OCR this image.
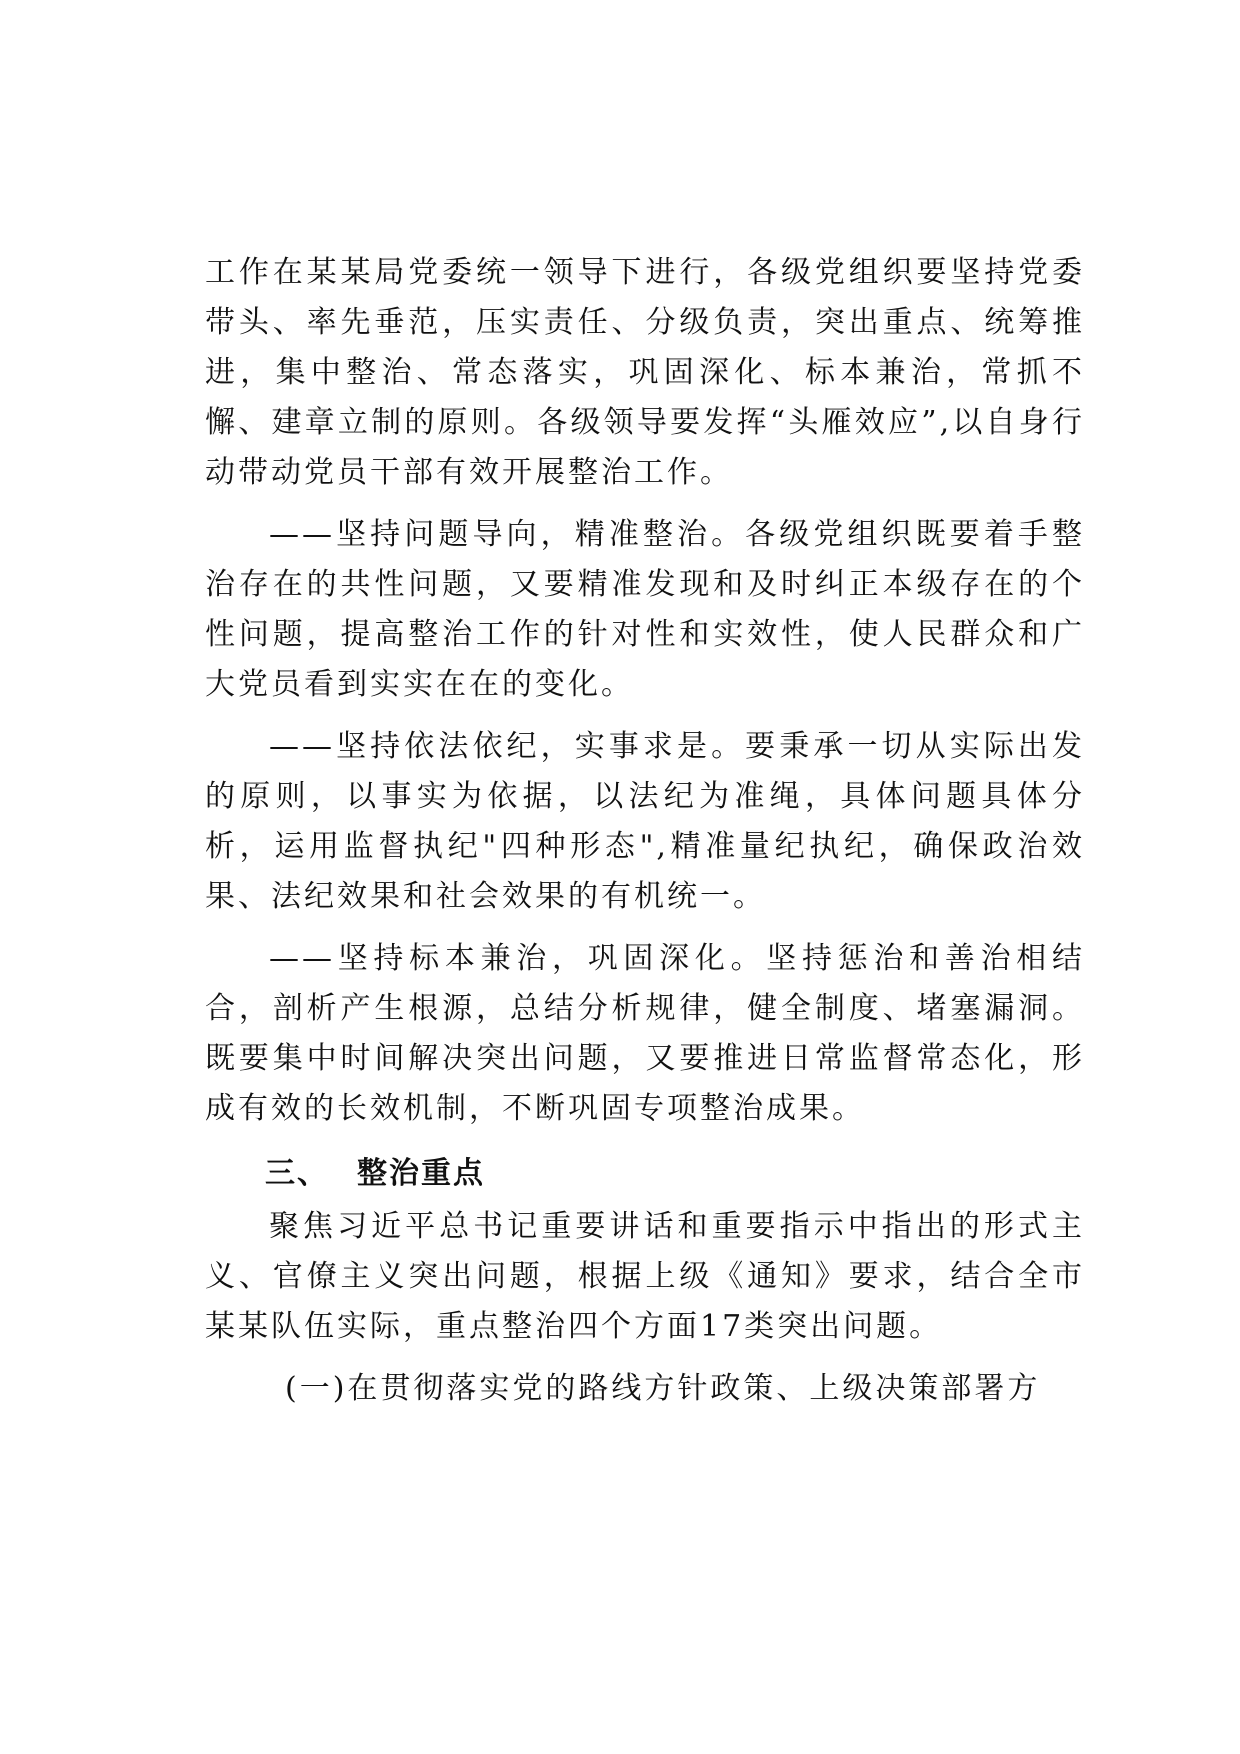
工作在某某局党委统一领导下进行，各级党组织要坚持党委带头、率先垂范，压实责任、分级负责，突出重点、统筹推进，集中整治、常态落实，巩固深化、标本兼治，常抓不懈、建章立制的原则。各级领导要发挥“头雁效应”,以自身行动带动党员干部有效开展整治工作。

——坚持问题导向，精准整治。各级党组织既要着手整治存在的共性问题，又要精准发现和及时纠正本级存在的个性问题，提高整治工作的针对性和实效性，使人民群众和广大党员看到实实在在的变化。

——坚持依法依纪，实事求是。要秉承一切从实际出发的原则，以事实为依据，以法纪为准绳，具体问题具体分析，运用监督执纪"四种形态",精准量纪执纪，确保政治效果、法纪效果和社会效果的有机统一。

——坚持标本兼治，巩固深化。坚持惩治和善治相结合，剖析产生根源，总结分析规律，健全制度、堵塞漏洞。既要集中时间解决突出问题，又要推进日常监督常态化，形成有效的长效机制，不断巩固专项整治成果。

三、 整治重点

聚焦习近平总书记重要讲话和重要指示中指出的形式主义、官僚主义突出问题，根据上级《通知》要求，结合全市某某队伍实际，重点整治四个方面17类突出问题。

(一)在贯彻落实党的路线方针政策、上级决策部署方
